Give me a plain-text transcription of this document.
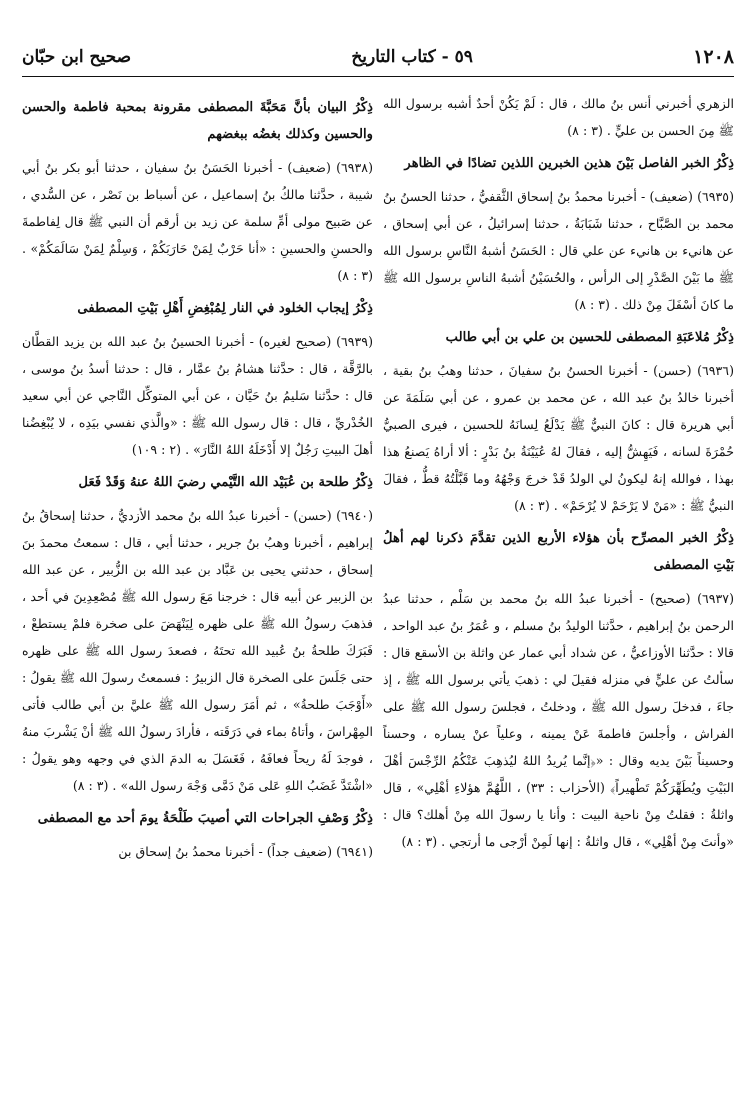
١٢٠٨
٥٩ - كتاب التاريخ
صحيح ابن حبّان

الزهري أخبرني أنس بنُ مالك ، قال : لَمْ يَكُنْ أحدٌ أشبه برسول الله ﷺ مِنَ الحسن بن عليٍّ . (٣ : ٨)

ذِكْرُ الخبر الفاصل بَيْنَ هذين الخبرين اللذين تضادًا في الظاهر

(٦٩٣٥) (ضعيف) - أخبرنا محمدُ بنُ إسحاق الثَّقفيُّ ، حدثنا الحسنُ بنُ محمد بن الصَّبَّاح ، حدثنا شَبَابَةُ ، حدثنا إسرائيلُ ، عن أبي إسحاق ، عن هانيء بن هانيء عن علي قال : الحَسَنُ أشبهُ النَّاسِ برسول الله ﷺ ما بَيْنَ الصَّدْرِ إلى الرأس ، والحُسَيْنُ أشبهُ الناسِ برسول الله ﷺ ما كانَ أسْفَلَ مِنْ ذلك . (٣ : ٨)

ذِكْرُ مُلاعَبَةِ المصطفى للحسين بن علي بن أبي طالب

(٦٩٣٦) (حسن) - أخبرنا الحسنُ بنُ سفيانَ ، حدثنا وهبُ بنُ بقية ، أخبرنا خالدُ بنُ عبد الله ، عن محمد بن عمرو ، عن أبي سَلَمَةَ عن أبي هريرة قال : كانَ النبيُّ ﷺ يَدْلَعُ لِسانَهُ للحسين ، فيرى الصبيُّ حُمْرَةَ لسانه ، فَيَهِشُّ إليه ، فقالَ لهُ عُيَيْنَةُ بنُ بَدْرٍ : ألا أراهُ يَصنعُ هذا بهذا ، فوالله إنهُ ليكونُ لي الولدُ قَدْ خرجَ وَجْهُهُ وما قَبَّلْتُهُ قطُّ ، فقالَ النبيُّ ﷺ : «مَنْ لا يَرْحَمْ لا يُرْحَمْ» . (٣ : ٨)

ذِكْرُ الخبر المصرِّح بأن هؤلاء الأربع الذين تقدَّمَ ذكرنا لهم أهلُ بَيْتِ المصطفى

(٦٩٣٧) (صحيح) - أخبرنا عبدُ الله بنُ محمد بن سَلْم ، حدثنا عبدُ الرحمن بنُ إبراهيم ، حدَّثنا الوليدُ بنُ مسلم ، و عُمَرُ بنُ عبد الواحد ، قالا : حدَّثنا الأوزاعيُّ ، عن شداد أبي عمار عن واثلة بن الأسقع قال : سألتُ عن عليٍّ في منزله فقيلَ لي : ذهبَ يأتي برسول الله ﷺ ، إذ جاءَ ، فدخلَ رسول الله ﷺ ، ودخلتُ ، فجلسَ رسول الله ﷺ على الفراش ، وأجلسَ فاطمةَ عَنْ يمينه ، وعلياً عنْ يساره ، وحسناً وحسيناً بَيْنَ يديه وقال : «﴿إنَّما يُريدُ اللهُ ليُذهِبَ عَنْكُمُ الرِّجْسَ أهْلَ البَيْتِ ويُطَهِّرَكُمْ تَطْهيراً﴾ (الأحزاب : ٣٣) ، اللَّهُمَّ هؤلاءِ أهْلِي» ، قال واثلةُ : فقلتُ مِنْ ناحية البيت : وأنا يا رسولَ الله مِنْ أهلك؟ قال : «وأنتَ مِنْ أهْلِي» ، قال واثلةُ : إنها لَمِنْ أرْجى ما أرتجي . (٣ : ٨)

ذِكْرُ البيان بأنَّ مَحَبَّةَ المصطفى مقرونة بمحبة فاطمة والحسن والحسين وكذلك بغضُه ببغضهم

(٦٩٣٨) (ضعيف) - أخبرنا الحَسَنُ بنُ سفيان ، حدثنا أبو بكر بنُ أبي شيبة ، حدَّثنا مالكُ بنُ إسماعيل ، عن أسباط بن نَصْر ، عن السُّدي ، عن صَبيح مولى أمِّ سلمة عن زيد بن أرقم أن النبي ﷺ قال لِفاطمةَ والحسنِ والحسينِ : «أنا حَرْبٌ لِمَنْ حَارَبَكُمْ ، وَسِلْمٌ لِمَنْ سَالَمَكُمْ» . (٣ : ٨)

ذِكْرُ إيجاب الخلود في النار لِمُبْغِضِ أَهْلِ بَيْتِ المصطفى

(٦٩٣٩) (صحيح لغيره) - أخبرنا الحسينُ بنُ عبد الله بن يزيد القطَّان بالرَّقَّة ، قال : حدَّثنا هشامُ بنُ عمَّار ، قال : حدثنا أسدُ بنُ موسى ، قال : حدَّثنا سَليمُ بنُ حَيَّان ، عن أبي المتوكِّل النَّاجي عن أبي سعيد الخُدْريِّ ، قال : قال رسول الله ﷺ : «والَّذي نفسي بيَدِه ، لا يُبْغِضُنا أهلَ البيتِ رَجُلٌ إلا أَدْخَلَهُ اللهُ النَّارَ» . (٢ : ١٠٩)

ذِكْرُ طلحة بن عُبَيْد الله التَّيْمي رضيَ اللهُ عنهُ وَقَدْ فَعَل

(٦٩٤٠) (حسن) - أخبرنا عبدُ الله بنُ محمد الأزديُّ ، حدثنا إسحاقُ بنُ إبراهيم ، أخبرنا وهبُ بنُ جرير ، حدثنا أبي ، قال : سمعتُ محمدَ بنَ إسحاق ، حدثني يحيى بن عَبَّاد بن عبد الله بن الزُّبير ، عن عبد الله بن الزبير عن أبيه قال : خرجنا مَعَ رسول الله ﷺ مُصْعِدِينَ في أحد ، فذهبَ رسولُ الله ﷺ على ظهره لِيَنْهَضَ على صخرة فلمْ يستطعْ ، فَبَرَكَ طلحةُ بنُ عُبيد الله تحتَهُ ، فصعدَ رسول الله ﷺ على ظهره حتى جَلَسَ على الصخرة قال الزبيرُ : فسمعتُ رسولَ الله ﷺ يقولُ : «أَوْجَبَ طلحةُ» ، ثم أمَرَ رسول الله ﷺ عليَّ بن أبي طالب فأتى المِهْراسَ ، وأتاهُ بماء في دَرَقَته ، فأرادَ رسولُ الله ﷺ أنْ يَشْربَ منهُ ، فوجدَ لَهُ ريحاً فعافَهُ ، فَغَسَلَ به الدمَ الذي في وجهه وهو يقولُ : «اشْتَدَّ غَضَبُ اللهِ عَلى مَنْ دَمَّى وَجْهَ رسول الله» . (٣ : ٨)

ذِكْرُ وَصْفِ الجراحات التي أصيبَ طَلْحَةُ يومَ أحد مع المصطفى

(٦٩٤١) (ضعيف جداً) - أخبرنا محمدُ بنُ إسحاق بن
